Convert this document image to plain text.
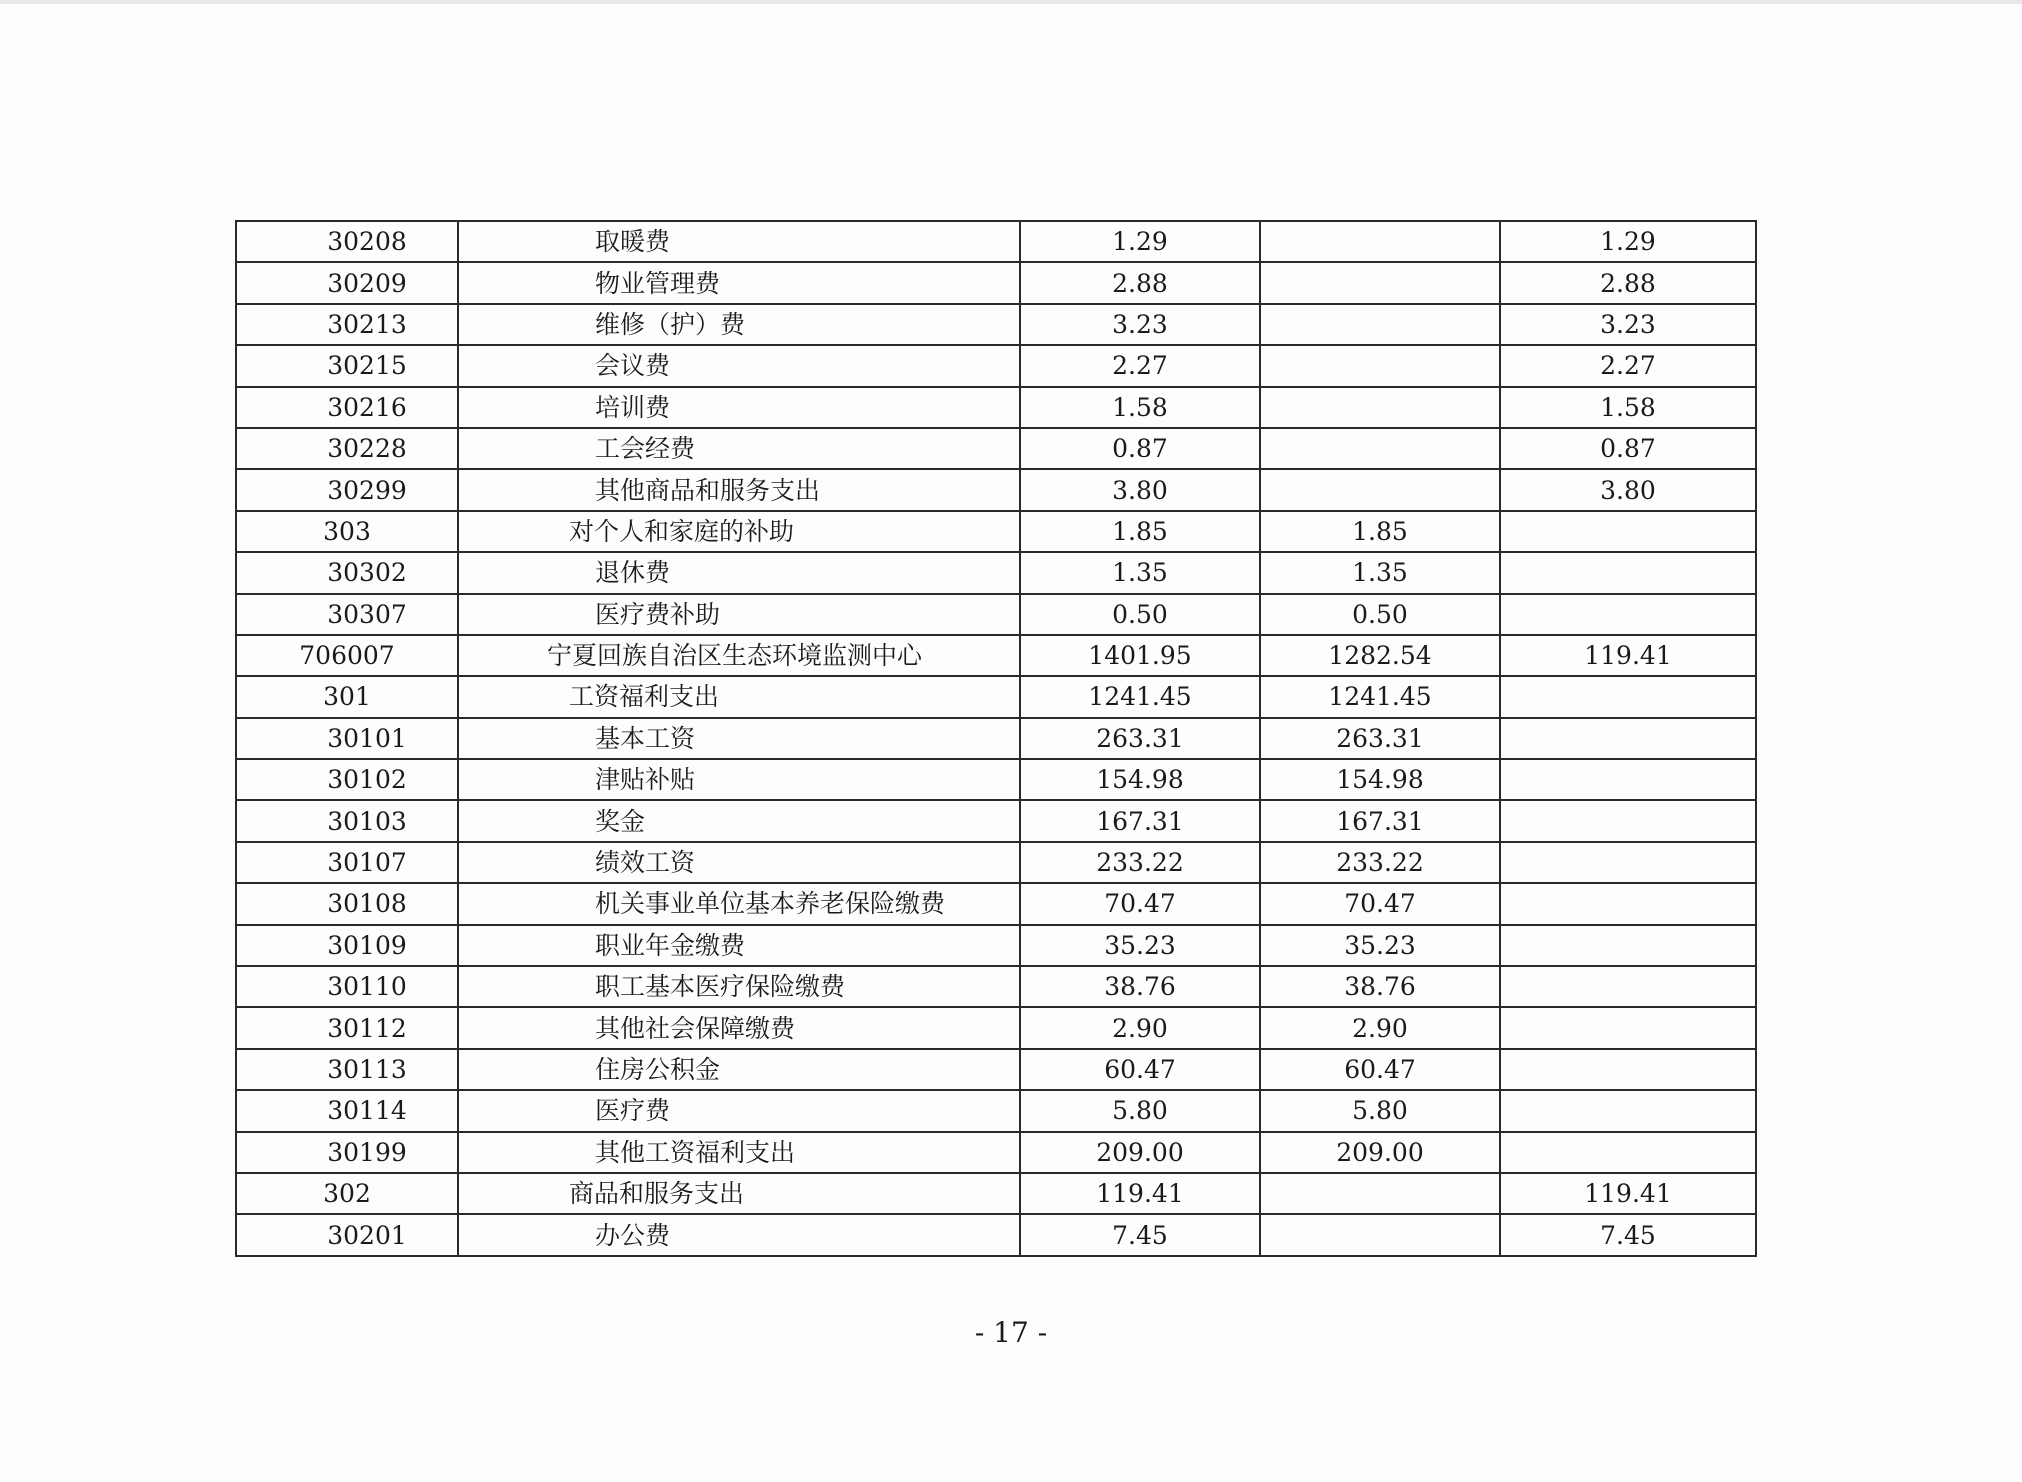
30208	取暖费	1.29		1.29
30209	物业管理费	2.88		2.88
30213	维修（护）费	3.23		3.23
30215	会议费	2.27		2.27
30216	培训费	1.58		1.58
30228	工会经费	0.87		0.87
30299	其他商品和服务支出	3.80		3.80
303	对个人和家庭的补助	1.85	1.85	
30302	退休费	1.35	1.35	
30307	医疗费补助	0.50	0.50	
706007	宁夏回族自治区生态环境监测中心	1401.95	1282.54	119.41
301	工资福利支出	1241.45	1241.45	
30101	基本工资	263.31	263.31	
30102	津贴补贴	154.98	154.98	
30103	奖金	167.31	167.31	
30107	绩效工资	233.22	233.22	
30108	机关事业单位基本养老保险缴费	70.47	70.47	
30109	职业年金缴费	35.23	35.23	
30110	职工基本医疗保险缴费	38.76	38.76	
30112	其他社会保障缴费	2.90	2.90	
30113	住房公积金	60.47	60.47	
30114	医疗费	5.80	5.80	
30199	其他工资福利支出	209.00	209.00	
302	商品和服务支出	119.41		119.41
30201	办公费	7.45		7.45
- 17 -
